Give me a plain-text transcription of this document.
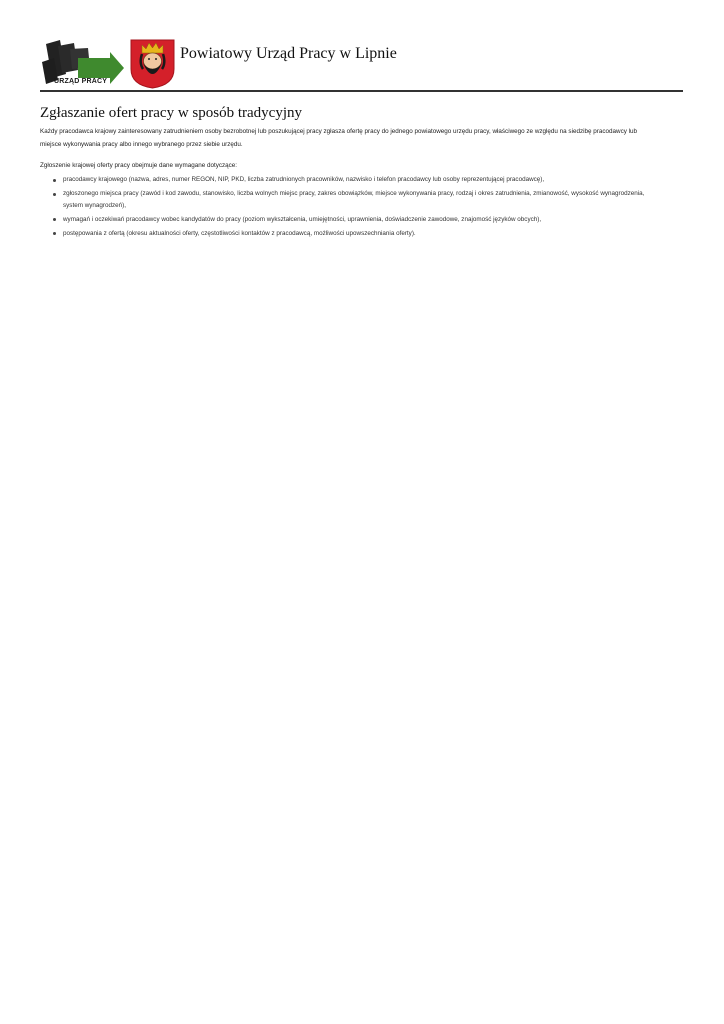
URZĄD PRACY
Powiatowy Urząd Pracy w Lipnie
Zgłaszanie ofert pracy w sposób tradycyjny

Każdy pracodawca krajowy zainteresowany zatrudnieniem osoby bezrobotnej lub poszukującej pracy zgłasza ofertę pracy do jednego powiatowego urzędu pracy, właściwego ze względu na siedzibę pracodawcy lub miejsce wykonywania pracy albo innego wybranego przez siebie urzędu.

Zgłoszenie krajowej oferty pracy obejmuje dane wymagane dotyczące:

pracodawcy krajowego (nazwa, adres, numer REGON, NIP, PKD, liczba zatrudnionych pracowników, nazwisko i telefon pracodawcy lub osoby reprezentującej pracodawcę),
zgłoszonego miejsca pracy (zawód i kod zawodu, stanowisko, liczba wolnych miejsc pracy, zakres obowiązków, miejsce wykonywania pracy, rodzaj i okres zatrudnienia, zmianowość, wysokość wynagrodzenia, system wynagrodzeń),
wymagań i oczekiwań pracodawcy wobec kandydatów do pracy (poziom wykształcenia, umiejętności, uprawnienia, doświadczenie zawodowe, znajomość języków obcych),
postępowania z ofertą (okresu aktualności oferty, częstotliwości kontaktów z pracodawcą, możliwości upowszechniania oferty).
